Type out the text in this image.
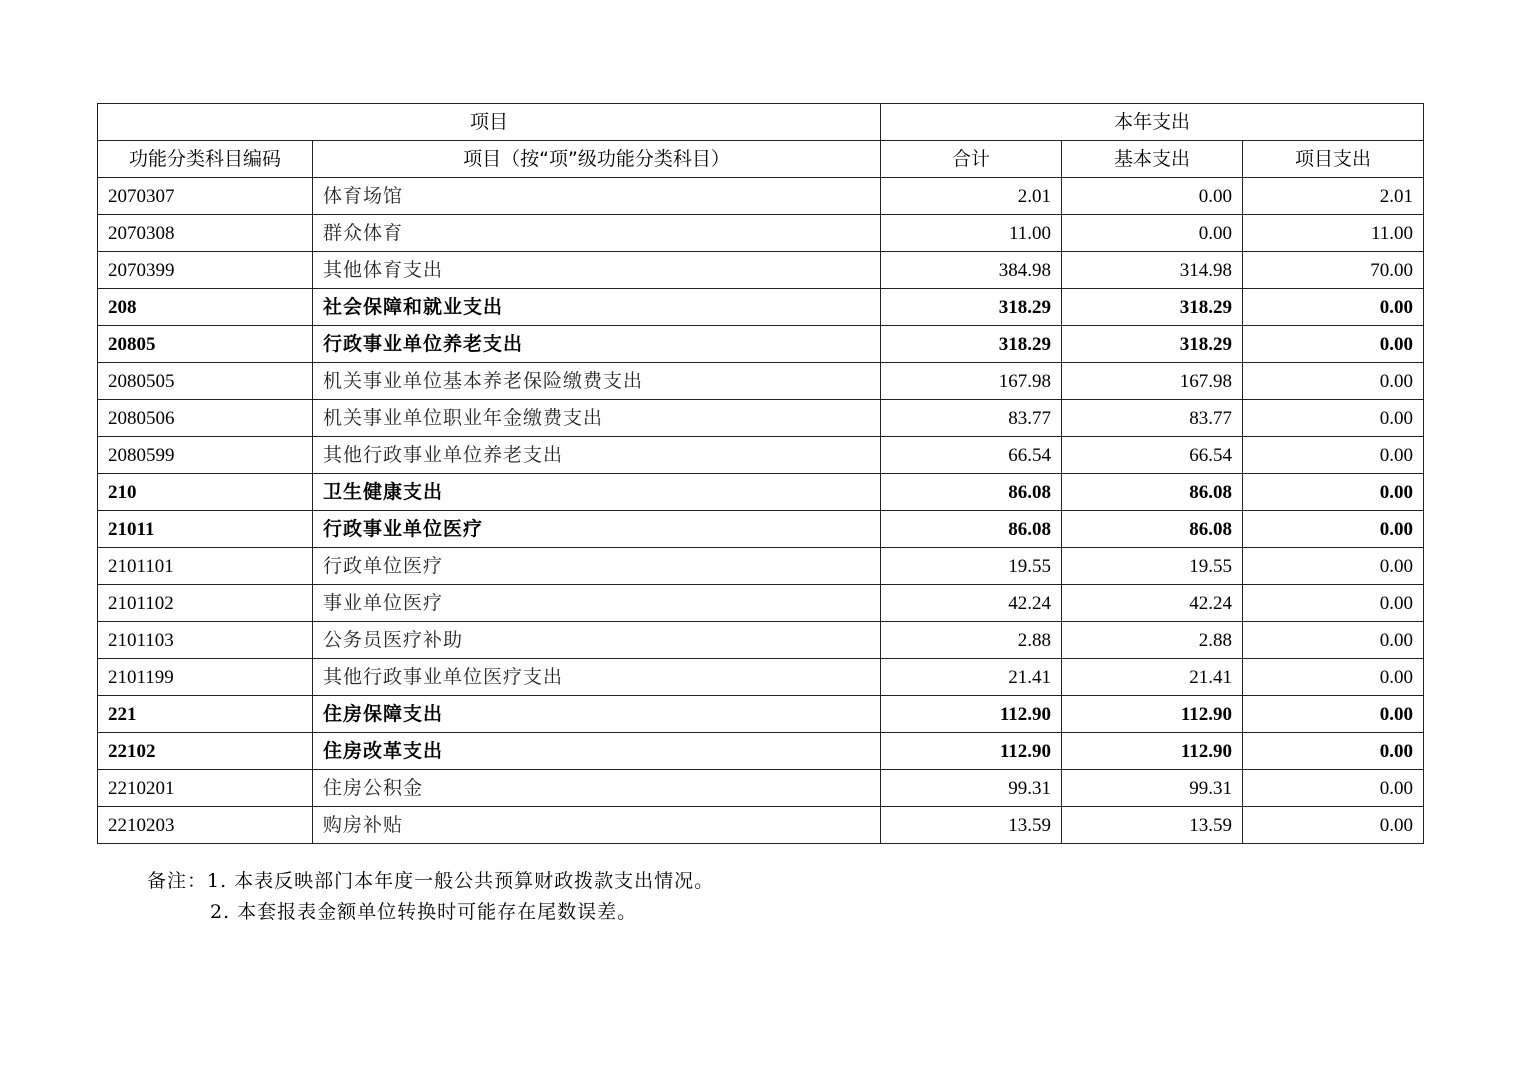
项目		本年支出		
功能分类科目编码	项目（按“项”级功能分类科目）	合计	基本支出	项目支出
2070307	体育场馆	2.01	0.00	2.01
2070308	群众体育	11.00	0.00	11.00
2070399	其他体育支出	384.98	314.98	70.00
208	社会保障和就业支出	318.29	318.29	0.00
20805	行政事业单位养老支出	318.29	318.29	0.00
2080505	机关事业单位基本养老保险缴费支出	167.98	167.98	0.00
2080506	机关事业单位职业年金缴费支出	83.77	83.77	0.00
2080599	其他行政事业单位养老支出	66.54	66.54	0.00
210	卫生健康支出	86.08	86.08	0.00
21011	行政事业单位医疗	86.08	86.08	0.00
2101101	行政单位医疗	19.55	19.55	0.00
2101102	事业单位医疗	42.24	42.24	0.00
2101103	公务员医疗补助	2.88	2.88	0.00
2101199	其他行政事业单位医疗支出	21.41	21.41	0.00
221	住房保障支出	112.90	112.90	0.00
22102	住房改革支出	112.90	112.90	0.00
2210201	住房公积金	99.31	99.31	0.00
2210203	购房补贴	13.59	13.59	0.00
备注：1. 本表反映部门本年度一般公共预算财政拨款支出情况。
2. 本套报表金额单位转换时可能存在尾数误差。
